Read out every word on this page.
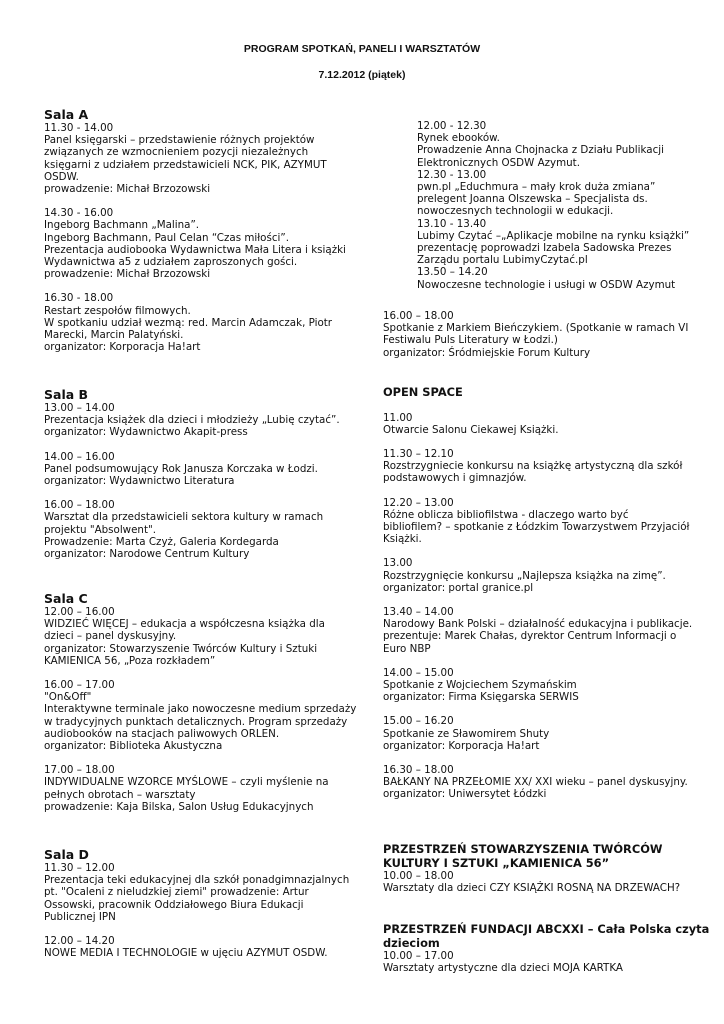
PROGRAM SPOTKAŃ, PANELI I WARSZTATÓW
7.12.2012 (piątek)
Sala A
11.30 - 14.00
Panel księgarski – przedstawienie różnych projektów
związanych ze wzmocnieniem pozycji niezależnych
księgarni z udziałem przedstawicieli NCK, PIK, AZYMUT
OSDW.
prowadzenie: Michał Brzozowski
14.30 - 16.00
Ingeborg Bachmann „Malina”.
Ingeborg Bachmann, Paul Celan “Czas miłości”.
Prezentacja audiobooka Wydawnictwa Mała Litera i książki
Wydawnictwa a5 z udziałem zaproszonych gości.
prowadzenie: Michał Brzozowski
16.30 - 18.00
Restart zespołów filmowych.
W spotkaniu udział wezmą: red. Marcin Adamczak, Piotr
Marecki, Marcin Palatyński.
organizator: Korporacja Ha!art
Sala B
13.00 – 14.00
Prezentacja książek dla dzieci i młodzieży „Lubię czytać”.
organizator: Wydawnictwo Akapit-press
14.00 – 16.00
Panel podsumowujący Rok Janusza Korczaka w Łodzi.
organizator: Wydawnictwo Literatura
16.00 – 18.00
Warsztat dla przedstawicieli sektora kultury w ramach
projektu "Absolwent".
Prowadzenie: Marta Czyż, Galeria Kordegarda
organizator: Narodowe Centrum Kultury
Sala C
12.00 – 16.00
WIDZIEĆ WIĘCEJ – edukacja a współczesna książka dla
dzieci – panel dyskusyjny.
organizator: Stowarzyszenie Twórców Kultury i Sztuki
KAMIENICA 56, „Poza rozkładem”
16.00 – 17.00
"On&Off"
Interaktywne terminale jako nowoczesne medium sprzedaży
w tradycyjnych punktach detalicznych. Program sprzedaży
audiobooków na stacjach paliwowych ORLEN.
organizator: Biblioteka Akustyczna
17.00 – 18.00
INDYWIDUALNE WZORCE MYŚLOWE – czyli myślenie na
pełnych obrotach – warsztaty
prowadzenie: Kaja Bilska, Salon Usług Edukacyjnych
Sala D
11.30 – 12.00
Prezentacja teki edukacyjnej dla szkół ponadgimnazjalnych
pt. "Ocaleni z nieludzkiej ziemi" prowadzenie: Artur
Ossowski, pracownik Oddziałowego Biura Edukacji
Publicznej IPN
12.00 – 14.20
NOWE MEDIA I TECHNOLOGIE w ujęciu AZYMUT OSDW.
12.00 - 12.30
Rynek ebooków.
Prowadzenie Anna Chojnacka z Działu Publikacji
Elektronicznych OSDW Azymut.
12.30 - 13.00
pwn.pl „Educhmura – mały krok duża zmiana”
prelegent Joanna Olszewska – Specjalista ds.
nowoczesnych technologii w edukacji.
13.10 - 13.40
Lubimy Czytać –„Aplikacje mobilne na rynku książki”
prezentację poprowadzi Izabela Sadowska Prezes
Zarządu portalu LubimyCzytać.pl
13.50 – 14.20
Nowoczesne technologie i usługi w OSDW Azymut
16.00 – 18.00
Spotkanie z Markiem Bieńczykiem. (Spotkanie w ramach VI
Festiwalu Puls Literatury w Łodzi.)
organizator: Śródmiejskie Forum Kultury
OPEN SPACE
11.00
Otwarcie Salonu Ciekawej Książki.
11.30 – 12.10
Rozstrzygniecie konkursu na książkę artystyczną dla szkół
podstawowych i gimnazjów.
12.20 – 13.00
Różne oblicza bibliofilstwa - dlaczego warto być
bibliofilem? – spotkanie z Łódzkim Towarzystwem Przyjaciół
Książki.
13.00
Rozstrzygnięcie konkursu „Najlepsza książka na zimę”.
organizator: portal granice.pl
13.40 – 14.00
Narodowy Bank Polski – działalność edukacyjna i publikacje.
prezentuje: Marek Chałas, dyrektor Centrum Informacji o
Euro NBP
14.00 – 15.00
Spotkanie z Wojciechem Szymańskim
organizator: Firma Księgarska SERWIS
15.00 – 16.20
Spotkanie ze Sławomirem Shuty
organizator: Korporacja Ha!art
16.30 – 18.00
BAŁKANY NA PRZEŁOMIE XX/ XXI wieku – panel dyskusyjny.
organizator: Uniwersytet Łódzki
PRZESTRZEŃ STOWARZYSZENIA TWÓRCÓW
KULTURY I SZTUKI „KAMIENICA 56”
10.00 – 18.00
Warsztaty dla dzieci CZY KSIĄŻKI ROSNĄ NA DRZEWACH?
PRZESTRZEŃ FUNDACJI ABCXXI – Cała Polska czyta
dzieciom
10.00 – 17.00
Warsztaty artystyczne dla dzieci MOJA KARTKA
